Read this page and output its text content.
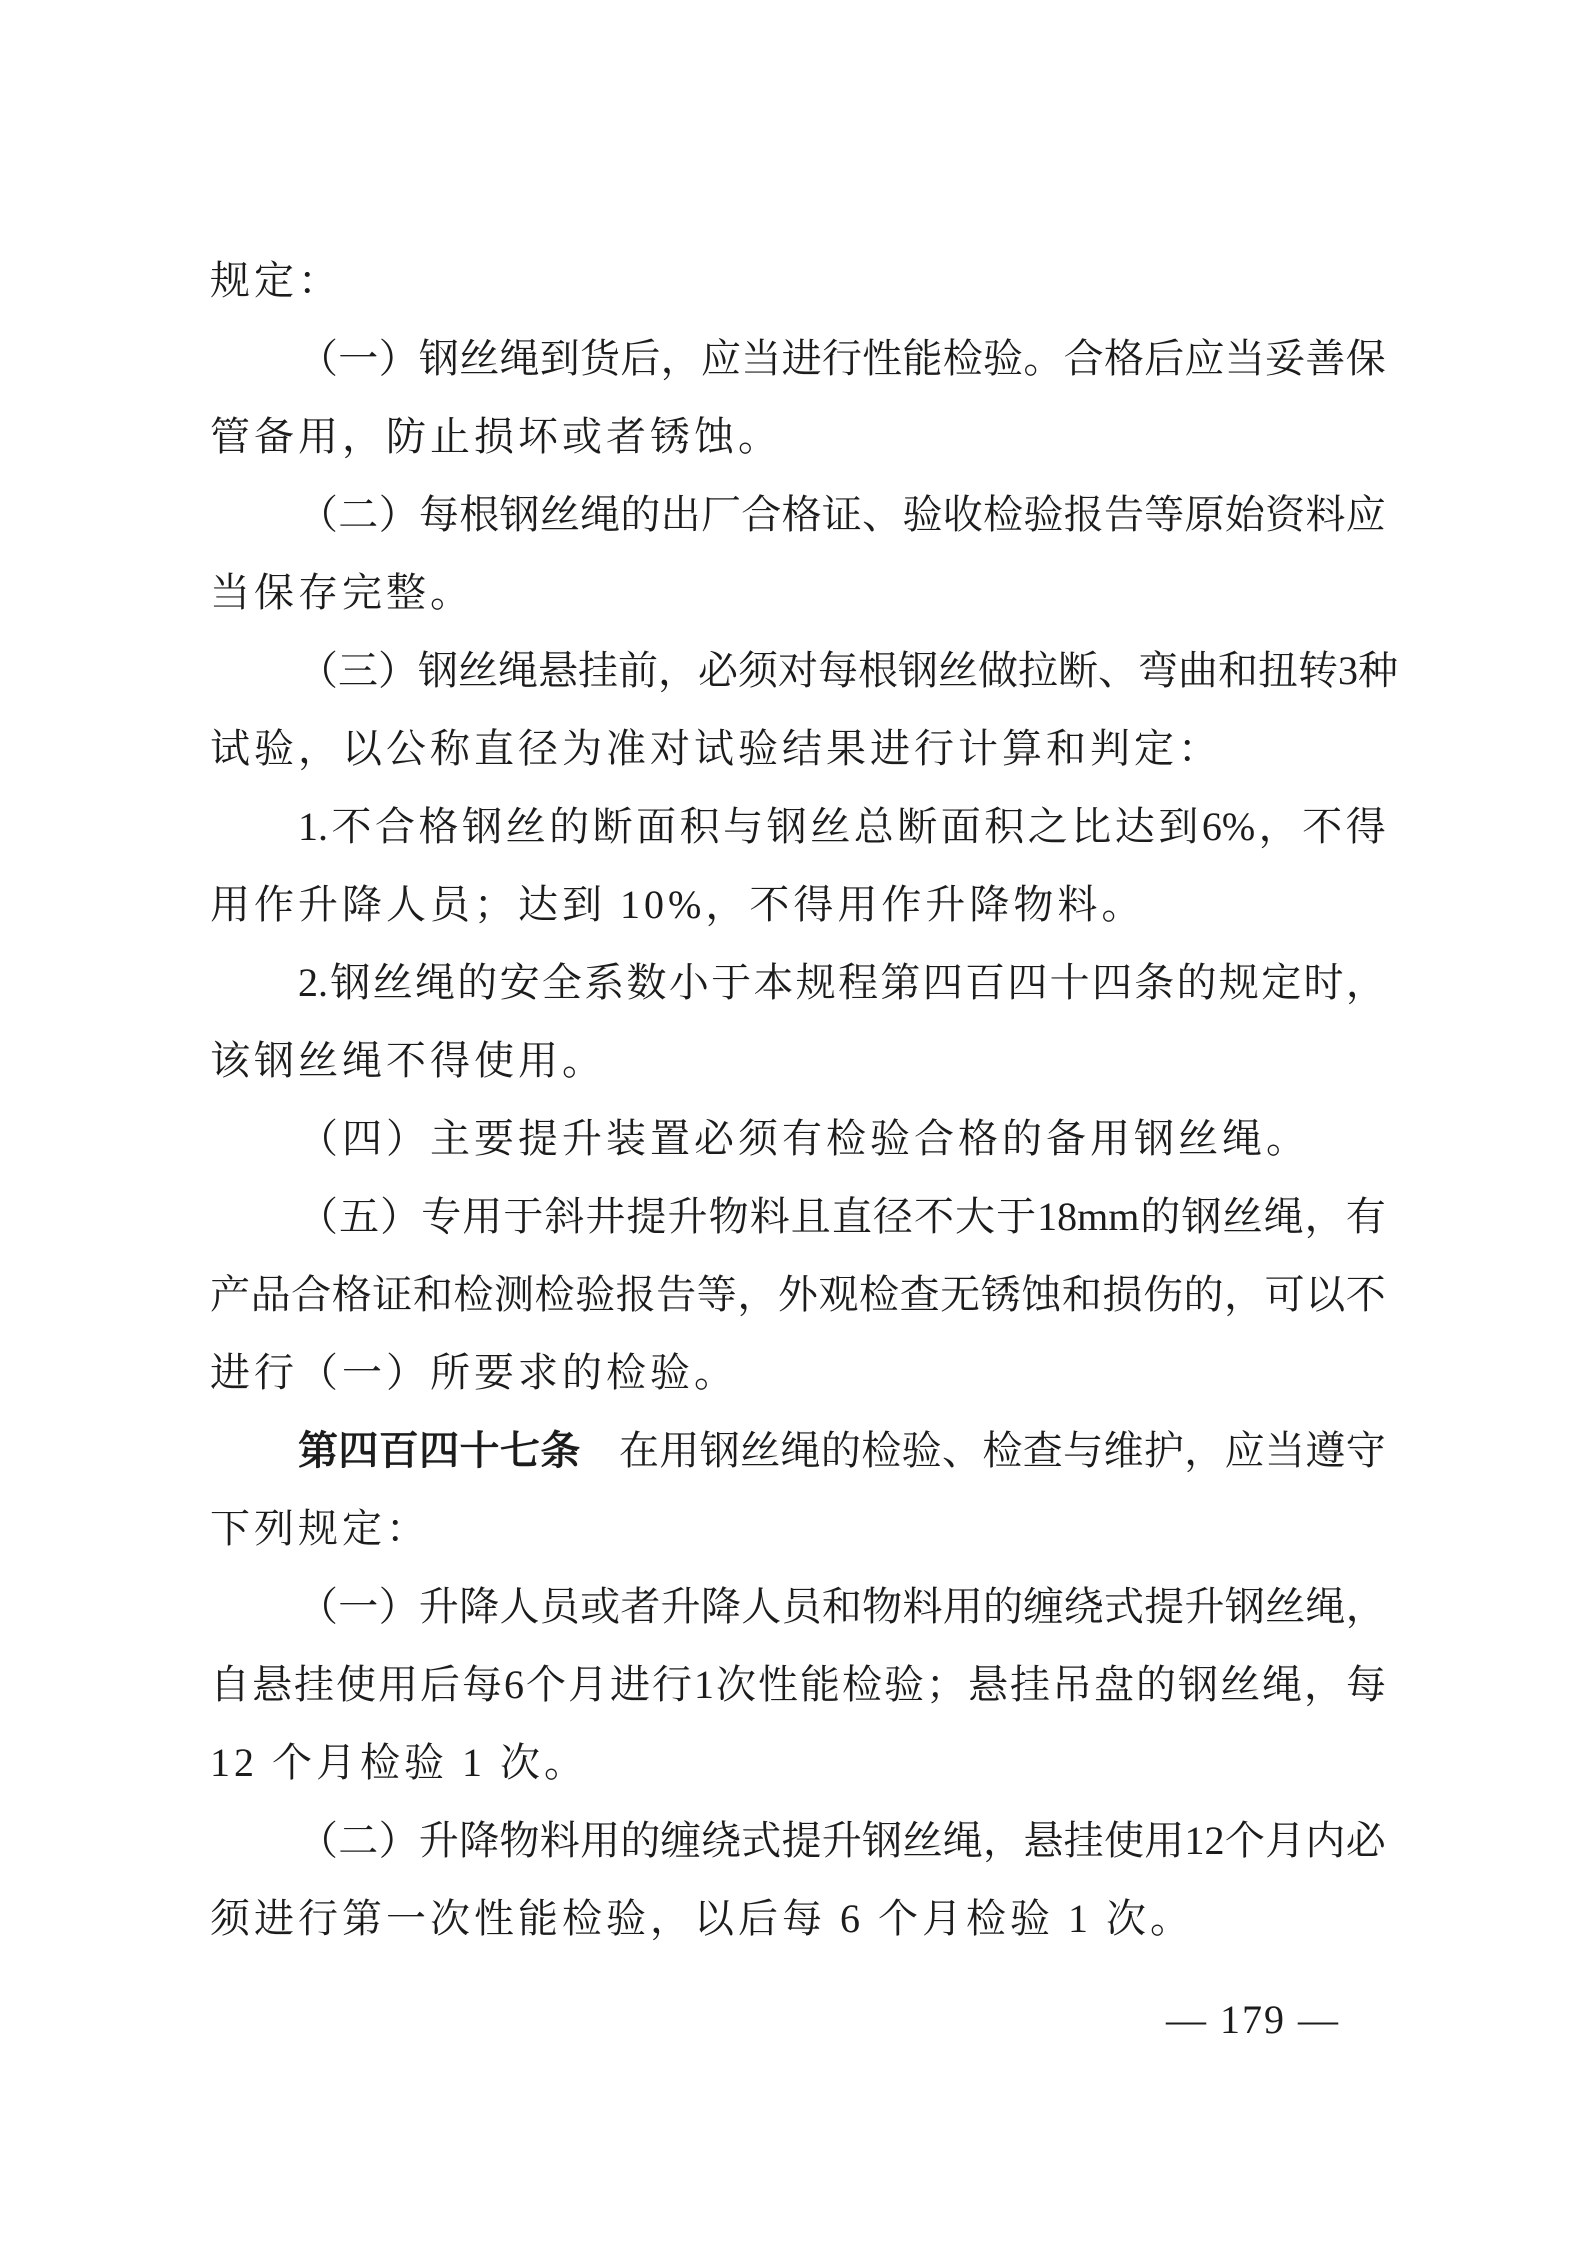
规定：
（ 一 ） 钢 丝 绳 到 货 后 ， 应 当 进 行 性 能 检 验 。 合 格 后 应 当 妥 善 保
管备用，防止损坏或者锈蚀。
（ 二 ） 每 根 钢 丝 绳 的 出 厂 合 格 证 、 验 收 检 验 报 告 等 原 始 资 料 应
当保存完整。
（ 三 ） 钢 丝 绳 悬 挂 前 ， 必 须 对 每 根 钢 丝 做 拉 断 、 弯 曲 和 扭 转 3 种
试验，以公称直径为准对试验结果进行计算和判定：
1. 不 合 格 钢 丝 的 断 面 积 与 钢 丝 总 断 面 积 之 比 达 到 6% ， 不 得
用作升降人员；达到 10%，不得用作升降物料。
2. 钢 丝 绳 的 安 全 系 数 小 于 本 规 程 第 四 百 四 十 四 条 的 规 定 时 ，
该钢丝绳不得使用。
（四）主要提升装置必须有检验合格的备用钢丝绳。
（ 五 ） 专 用 于 斜 井 提 升 物 料 且 直 径 不 大 于 18mm 的 钢 丝 绳 ， 有
产 品 合 格 证 和 检 测 检 验 报 告 等 ， 外 观 检 查 无 锈 蚀 和 损 伤 的 ， 可 以 不
进行（一）所要求的检验。
第 四 百 四 十 七 条 在 用 钢 丝 绳 的 检 验 、 检 查 与 维 护 ， 应 当 遵 守
下列规定：
（ 一 ） 升 降 人 员 或 者 升 降 人 员 和 物 料 用 的 缠 绕 式 提 升 钢 丝 绳 ，
自 悬 挂 使 用 后 每 6 个 月 进 行 1 次 性 能 检 验 ； 悬 挂 吊 盘 的 钢 丝 绳 ， 每
12 个月检验 1 次。
（ 二 ） 升 降 物 料 用 的 缠 绕 式 提 升 钢 丝 绳 ， 悬 挂 使 用 12 个 月 内 必
须进行第一次性能检验，以后每 6 个月检验 1 次。
— 179 —
